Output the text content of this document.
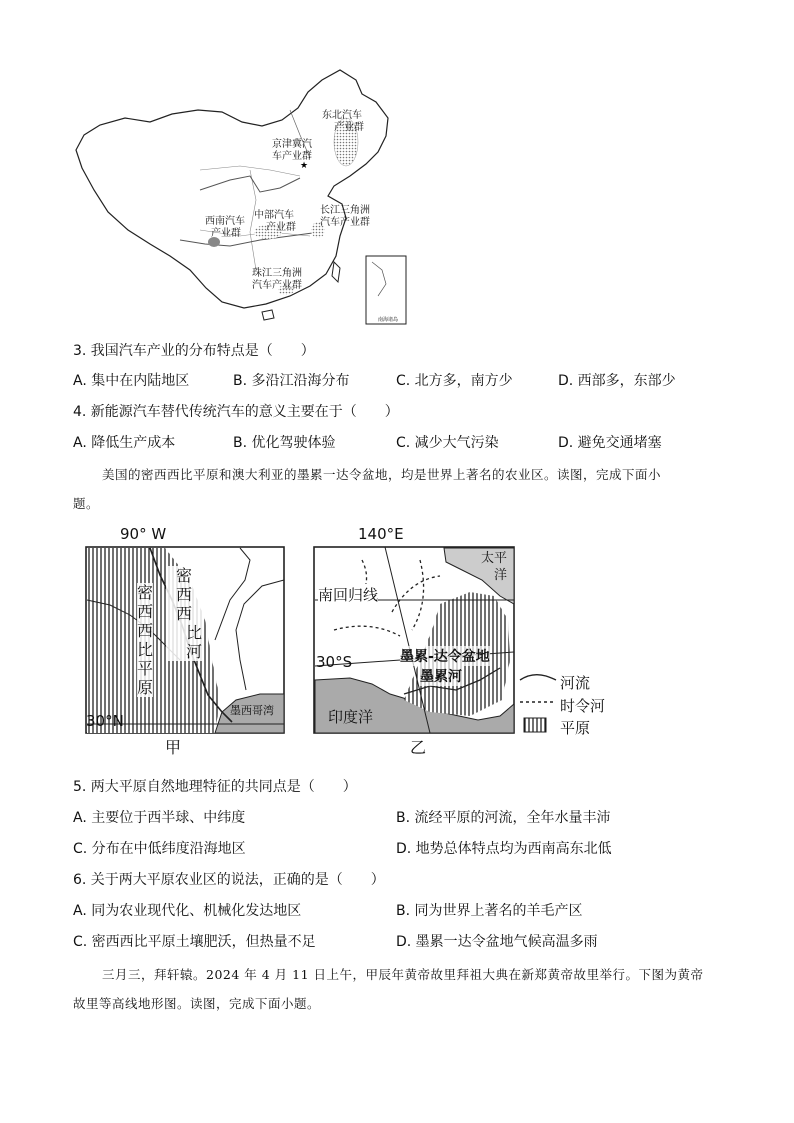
★
东北汽车
产业群
京津冀汽
车产业群
中部汽车
产业群
西南汽车
产业群
长江三角洲
汽车产业群
珠江三角洲
汽车产业群
南海诸岛
3. 我国汽车产业的分布特点是（　　）
A. 集中在内陆地区	B. 多沿江沿海分布	C. 北方多，南方少	D. 西部多，东部少
4. 新能源汽车替代传统汽车的意义主要在于（　　）
A. 降低生产成本	B. 优化驾驶体验	C. 减少大气污染	D. 避免交通堵塞
美国的密西西比平原和澳大利亚的墨累一达令盆地，均是世界上著名的农业区。读图，完成下面小
题。
90° W
30°N
密
西
西
比
平
原
密
西
西
比
河
墨西哥湾
甲
140°E
太平
洋
南回归线
30°S	墨累-达令盆地
墨累河
印度洋
乙
河流
时令河
平原
5. 两大平原自然地理特征的共同点是（　　）
A. 主要位于西半球、中纬度	B. 流经平原的河流，全年水量丰沛
C. 分布在中低纬度沿海地区	D. 地势总体特点均为西南高东北低
6. 关于两大平原农业区的说法，正确的是（　　）
A. 同为农业现代化、机械化发达地区	B. 同为世界上著名的羊毛产区
C. 密西西比平原土壤肥沃，但热量不足	D. 墨累一达令盆地气候高温多雨
三月三，拜轩辕。2024 年 4 月 11 日上午，甲辰年黄帝故里拜祖大典在新郑黄帝故里举行。下图为黄帝
故里等高线地形图。读图，完成下面小题。
